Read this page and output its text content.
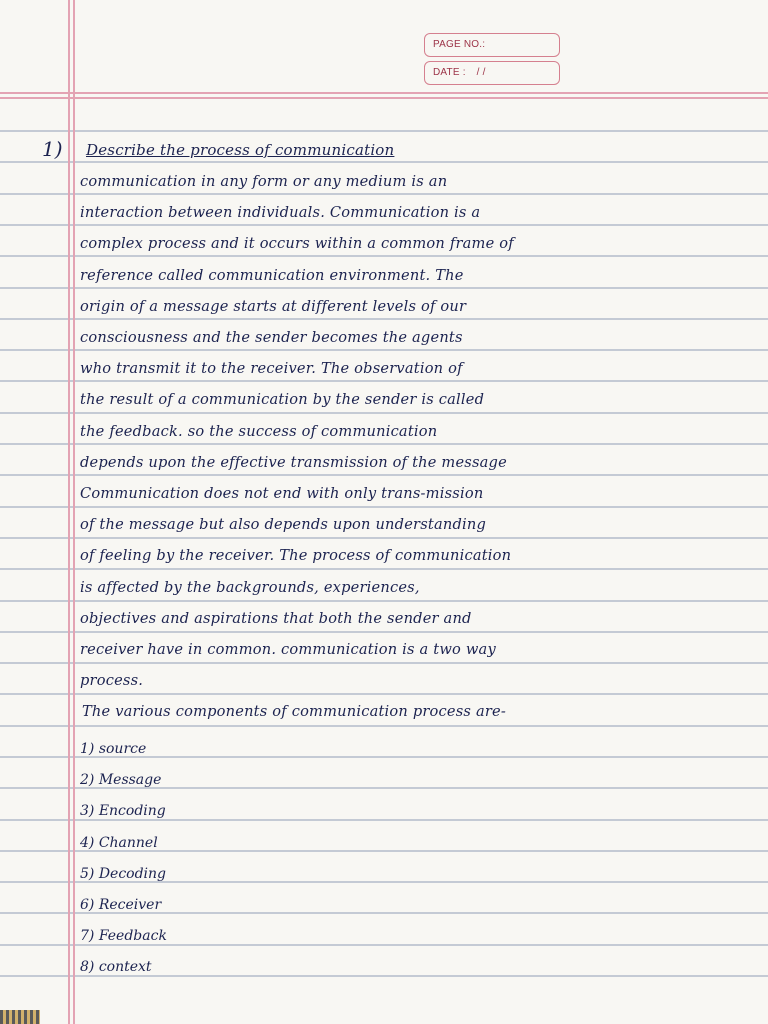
PAGE NO.:
DATE : / /
1) Describe the process of communication
communication in any form or any medium is an
interaction between individuals. Communication is a
complex process and it occurs within a common frame of
reference called communication environment. The
origin of a message starts at different levels of our
consciousness and the sender becomes the agents
who transmit it to the receiver. The observation of
the result of a communication by the sender is called
the feedback. so the success of communication
depends upon the effective transmission of the message
Communication does not end with only trans-mission
of the message but also depends upon understanding
of feeling by the receiver. The process of communication
is affected by the backgrounds, experiences,
objectives and aspirations that both the sender and
receiver have in common. communication is a two way
process.
The various components of communication process are-
1) source
2) Message
3) Encoding
4) Channel
5) Decoding
6) Receiver
7) Feedback
8) context
